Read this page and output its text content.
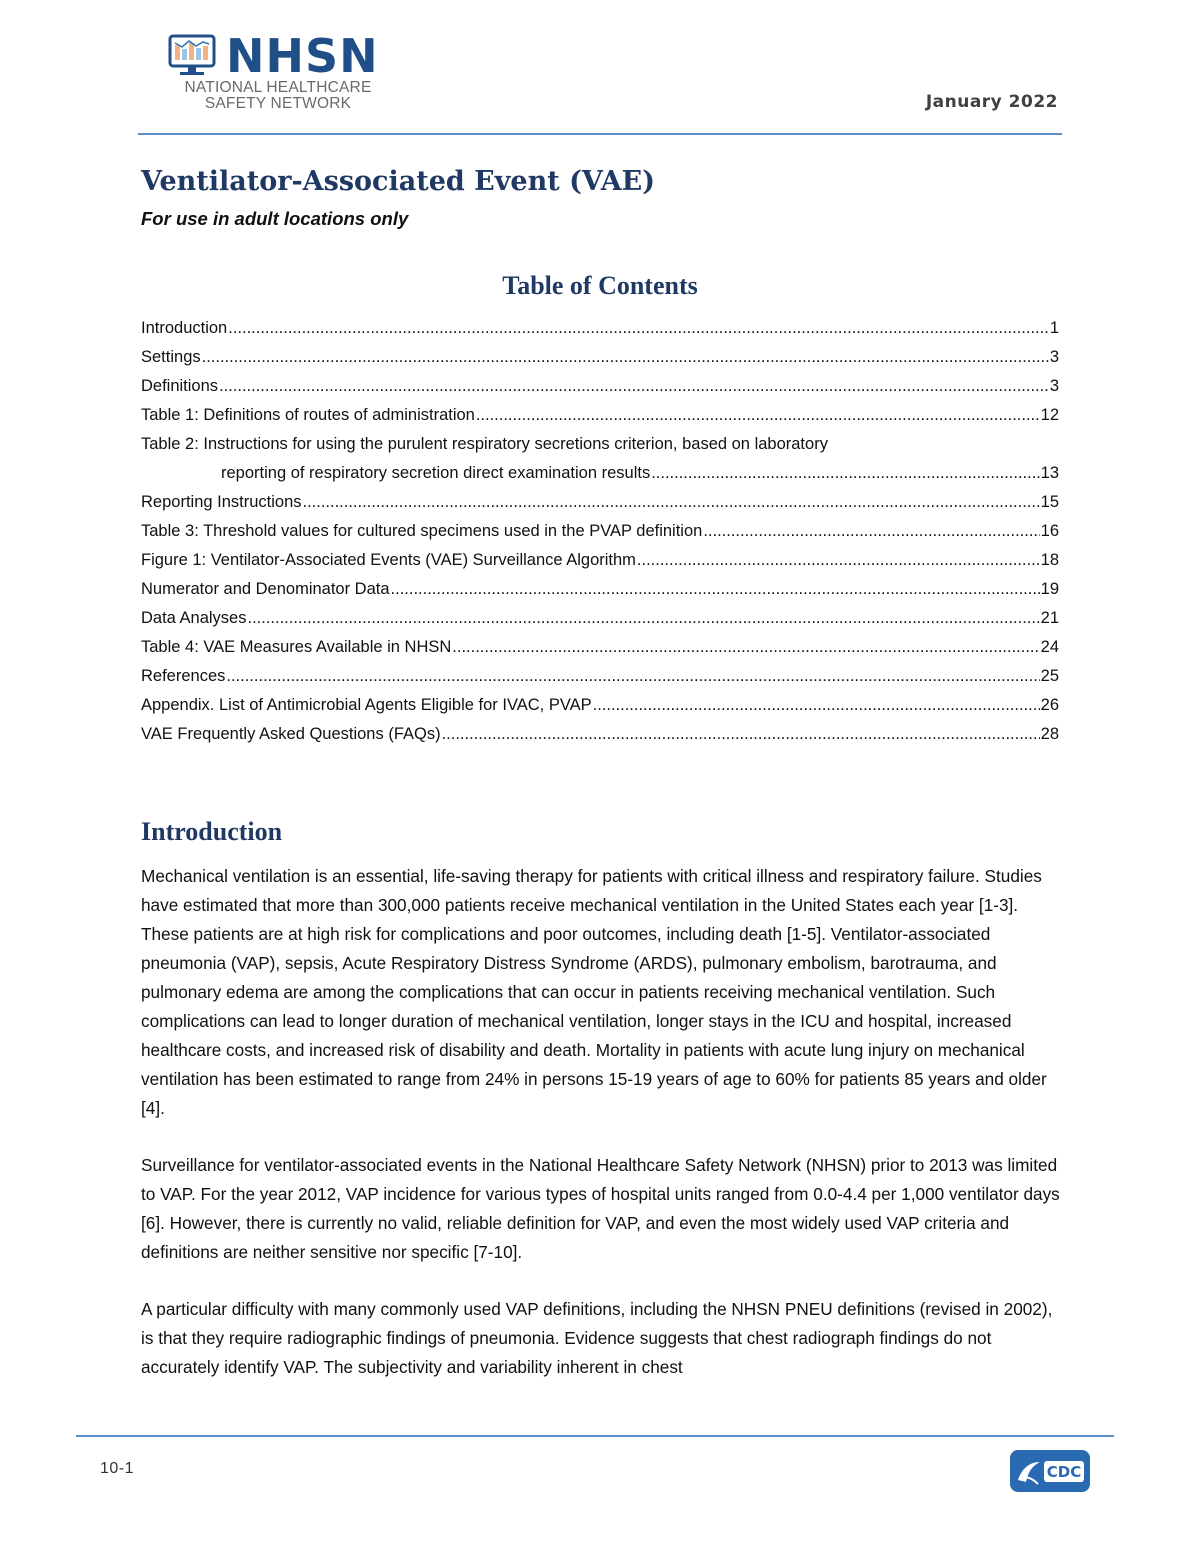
NHSN
NATIONAL HEALTHCARE
SAFETY NETWORK	January 2022
Ventilator-Associated Event (VAE)
For use in adult locations only
Table of Contents
Introduction .....	1
Settings .....	3
Definitions .....	3
Table 1: Definitions of routes of administration .....	12
Table 2: Instructions for using the purulent respiratory secretions criterion, based on laboratory
reporting of respiratory secretion direct examination results .....	13
Reporting Instructions .....	15
Table 3: Threshold values for cultured specimens used in the PVAP definition .....	16
Figure 1: Ventilator-Associated Events (VAE) Surveillance Algorithm .....	18
Numerator and Denominator Data .....	19
Data Analyses .....	21
Table 4: VAE Measures Available in NHSN .....	24
References .....	25
Appendix. List of Antimicrobial Agents Eligible for IVAC, PVAP .....	26
VAE Frequently Asked Questions (FAQs) .....	28
Introduction

Mechanical ventilation is an essential, life-saving therapy for patients with critical illness and respiratory failure. Studies have estimated that more than 300,000 patients receive mechanical ventilation in the United States each year [1-3]. These patients are at high risk for complications and poor outcomes, including death [1-5]. Ventilator-associated pneumonia (VAP), sepsis, Acute Respiratory Distress Syndrome (ARDS), pulmonary embolism, barotrauma, and pulmonary edema are among the complications that can occur in patients receiving mechanical ventilation. Such complications can lead to longer duration of mechanical ventilation, longer stays in the ICU and hospital, increased healthcare costs, and increased risk of disability and death. Mortality in patients with acute lung injury on mechanical ventilation has been estimated to range from 24% in persons 15-19 years of age to 60% for patients 85 years and older [4].

Surveillance for ventilator-associated events in the National Healthcare Safety Network (NHSN) prior to 2013 was limited to VAP. For the year 2012, VAP incidence for various types of hospital units ranged from 0.0-4.4 per 1,000 ventilator days [6]. However, there is currently no valid, reliable definition for VAP, and even the most widely used VAP criteria and definitions are neither sensitive nor specific [7-10].

A particular difficulty with many commonly used VAP definitions, including the NHSN PNEU definitions (revised in 2002), is that they require radiographic findings of pneumonia. Evidence suggests that chest radiograph findings do not accurately identify VAP. The subjectivity and variability inherent in chest

10-1	CDC
